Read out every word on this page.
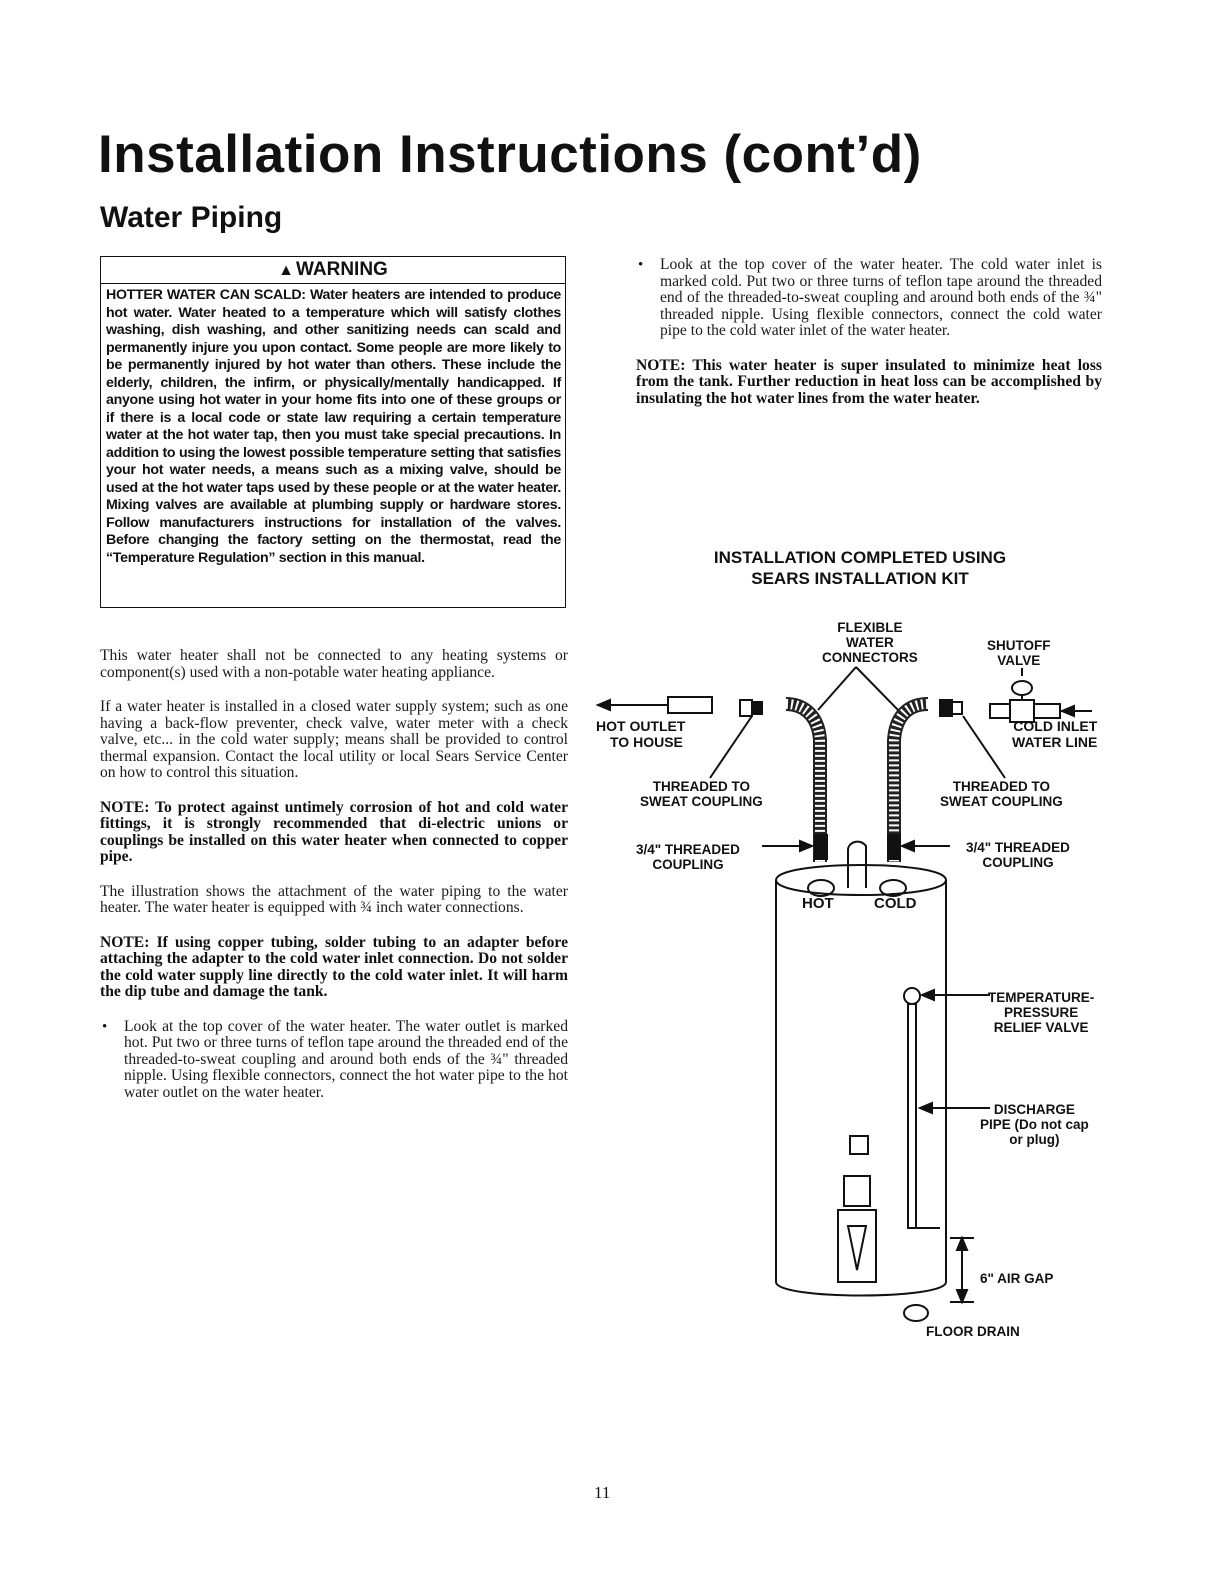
Installation Instructions (cont’d)
Water Piping
▲ WARNING

HOTTER WATER CAN SCALD: Water heaters are intended to produce hot water. Water heated to a temperature which will satisfy clothes washing, dish washing, and other sanitizing needs can scald and permanently injure you upon contact. Some people are more likely to be permanently injured by hot water than others. These include the elderly, children, the infirm, or physically/mentally handicapped. If anyone using hot water in your home fits into one of these groups or if there is a local code or state law requiring a certain temperature water at the hot water tap, then you must take special precautions. In addition to using the lowest possible temperature setting that satisfies your hot water needs, a means such as a mixing valve, should be used at the hot water taps used by these people or at the water heater. Mixing valves are available at plumbing supply or hardware stores. Follow manufacturers instructions for installation of the valves. Before changing the factory setting on the thermostat, read the “Temperature Regulation” section in this manual.

This water heater shall not be connected to any heating systems or component(s) used with a non-potable water heating appliance.

If a water heater is installed in a closed water supply system; such as one having a back-flow preventer, check valve, water meter with a check valve, etc... in the cold water supply; means shall be provided to control thermal expansion. Contact the local utility or local Sears Service Center on how to control this situation.

NOTE: To protect against untimely corrosion of hot and cold water fittings, it is strongly recommended that di-electric unions or couplings be installed on this water heater when connected to copper pipe.

The illustration shows the attachment of the water piping to the water heater. The water heater is equipped with ¾ inch water connections.

NOTE: If using copper tubing, solder tubing to an adapter before attaching the adapter to the cold water inlet connection. Do not solder the cold water supply line directly to the cold water inlet. It will harm the dip tube and damage the tank.

• Look at the top cover of the water heater. The water outlet is marked hot. Put two or three turns of teflon tape around the threaded end of the threaded-to-sweat coupling and around both ends of the ¾" threaded nipple. Using flexible connectors, connect the hot water pipe to the hot water outlet on the water heater.

• Look at the top cover of the water heater. The cold water inlet is marked cold. Put two or three turns of teflon tape around the threaded end of the threaded-to-sweat coupling and around both ends of the ¾" threaded nipple. Using flexible connectors, connect the cold water pipe to the cold water inlet of the water heater.

NOTE: This water heater is super insulated to minimize heat loss from the tank. Further reduction in heat loss can be accomplished by insulating the hot water lines from the water heater.

INSTALLATION COMPLETED USING
SEARS INSTALLATION KIT
FLEXIBLE
WATER
CONNECTORS
SHUTOFF
VALVE
HOT OUTLET
TO HOUSE
COLD INLET
WATER LINE
THREADED TO
SWEAT COUPLING
THREADED TO
SWEAT COUPLING
3/4" THREADED
COUPLING
3/4" THREADED
COUPLING
HOT	COLD
TEMPERATURE-
PRESSURE
RELIEF VALVE
DISCHARGE
PIPE (Do not cap
or plug)
6" AIR GAP
FLOOR DRAIN
11
